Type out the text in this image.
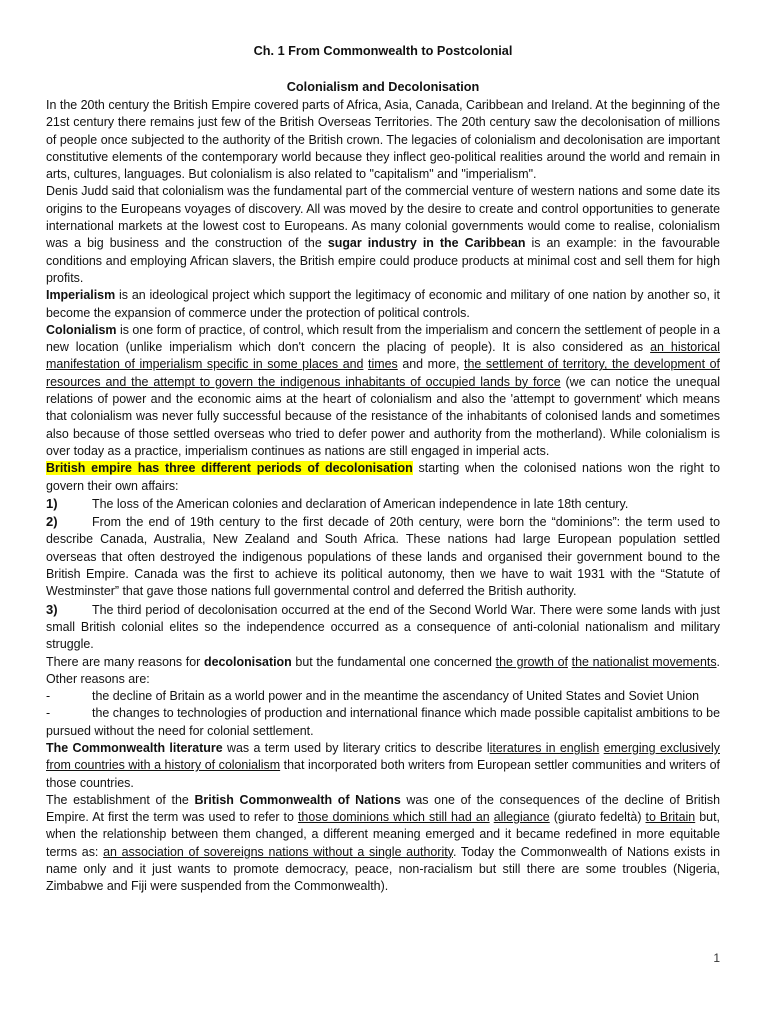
Ch. 1 From Commonwealth to Postcolonial
Colonialism and Decolonisation

In the 20th century the British Empire covered parts of Africa, Asia, Canada, Caribbean and Ireland. At the beginning of the 21st century there remains just few of the British Overseas Territories. The 20th century saw the decolonisation of millions of people once subjected to the authority of the British crown. The legacies of colonialism and decolonisation are important constitutive elements of the contemporary world because they inflect geo-political realities around the world and remain in arts, cultures, languages. But colonialism is also related to "capitalism" and "imperialism".

Denis Judd said that colonialism was the fundamental part of the commercial venture of western nations and some date its origins to the Europeans voyages of discovery. All was moved by the desire to create and control opportunities to generate international markets at the lowest cost to Europeans. As many colonial governments would come to realise, colonialism was a big business and the construction of the sugar industry in the Caribbean is an example: in the favourable conditions and employing African slavers, the British empire could produce products at minimal cost and sell them for high profits.

Imperialism is an ideological project which support the legitimacy of economic and military of one nation by another so, it become the expansion of commerce under the protection of political controls.

Colonialism is one form of practice, of control, which result from the imperialism and concern the settlement of people in a new location (unlike imperialism which don't concern the placing of people). It is also considered as an historical manifestation of imperialism specific in some places and times and more, the settlement of territory, the development of resources and the attempt to govern the indigenous inhabitants of occupied lands by force (we can notice the unequal relations of power and the economic aims at the heart of colonialism and also the 'attempt to government' which means that colonialism was never fully successful because of the resistance of the inhabitants of colonised lands and sometimes also because of those settled overseas who tried to defer power and authority from the motherland). While colonialism is over today as a practice, imperialism continues as nations are still engaged in imperial acts.

British empire has three different periods of decolonisation starting when the colonised nations won the right to govern their own affairs:

1)	The loss of the American colonies and declaration of American independence in late 18th century.

2)	From the end of 19th century to the first decade of 20th century, were born the “dominions”: the term used to describe Canada, Australia, New Zealand and South Africa. These nations had large European population settled overseas that often destroyed the indigenous populations of these lands and organised their government bound to the British Empire. Canada was the first to achieve its political autonomy, then we have to wait 1931 with the “Statute of Westminster” that gave those nations full governmental control and deferred the British authority.

3)	The third period of decolonisation occurred at the end of the Second World War. There were some lands with just small British colonial elites so the independence occurred as a consequence of anti-colonial nationalism and military struggle.

There are many reasons for decolonisation but the fundamental one concerned the growth of the nationalist movements. Other reasons are:

-	the decline of Britain as a world power and in the meantime the ascendancy of United States and Soviet Union

-	the changes to technologies of production and international finance which made possible capitalist ambitions to be pursued without the need for colonial settlement.

The Commonwealth literature was a term used by literary critics to describe literatures in english emerging exclusively from countries with a history of colonialism that incorporated both writers from European settler communities and writers of those countries.

The establishment of the British Commonwealth of Nations was one of the consequences of the decline of British Empire. At first the term was used to refer to those dominions which still had an allegiance (giurato fedeltà) to Britain but, when the relationship between them changed, a different meaning emerged and it became redefined in more equitable terms as: an association of sovereigns nations without a single authority. Today the Commonwealth of Nations exists in name only and it just wants to promote democracy, peace, non-racialism but still there are some troubles (Nigeria, Zimbabwe and Fiji were suspended from the Commonwealth).

1
